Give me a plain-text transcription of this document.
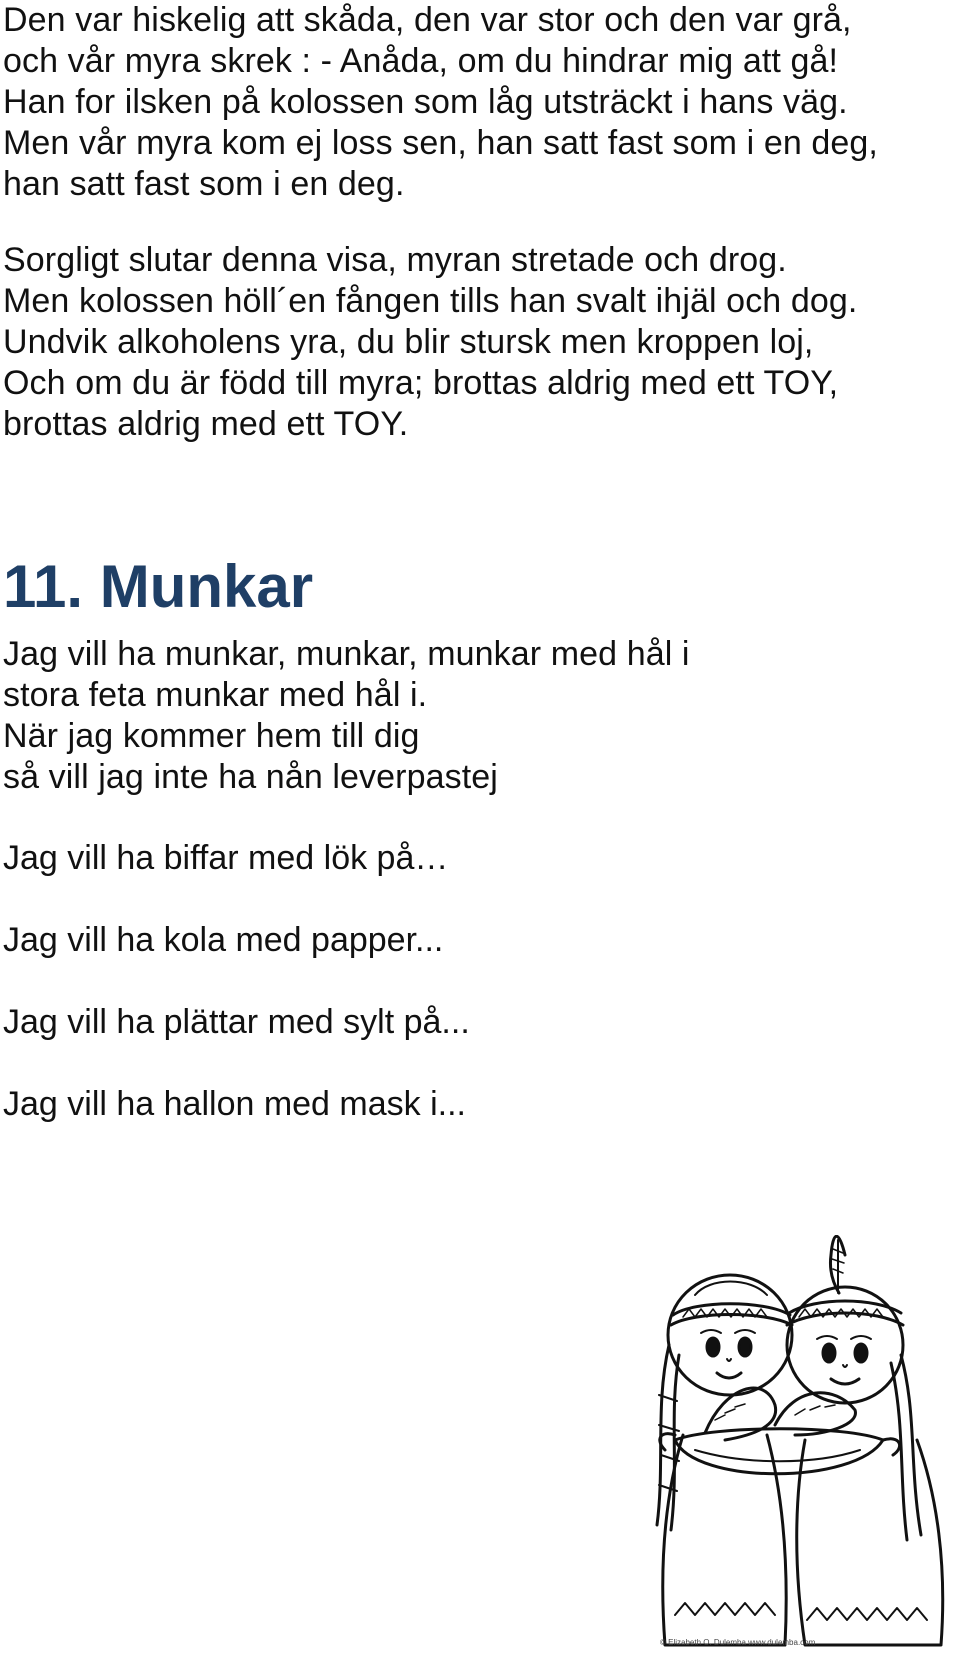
Den var hiskelig att skåda, den var stor och den var grå,
och vår myra skrek : - Anåda, om du hindrar mig att gå!
Han for ilsken på kolossen som låg utsträckt i hans väg.
Men vår myra kom ej loss sen, han satt fast som i en deg,
han satt fast som i en deg.
Sorgligt slutar denna visa, myran stretade och drog.
Men kolossen höll´en fången tills han svalt ihjäl och dog.
Undvik alkoholens yra, du blir stursk men kroppen loj,
Och om du är född till myra; brottas aldrig med ett TOY,
brottas aldrig med ett TOY.
11. Munkar
Jag vill ha munkar, munkar, munkar med hål i
stora feta munkar med hål i.
När jag kommer hem till dig
så vill jag inte ha nån leverpastej

Jag vill ha biffar med lök på…

Jag vill ha kola med papper...

Jag vill ha plättar med sylt på...

Jag vill ha hallon med mask i...

© Elizabeth O. Dulemba www.dulemba.com
